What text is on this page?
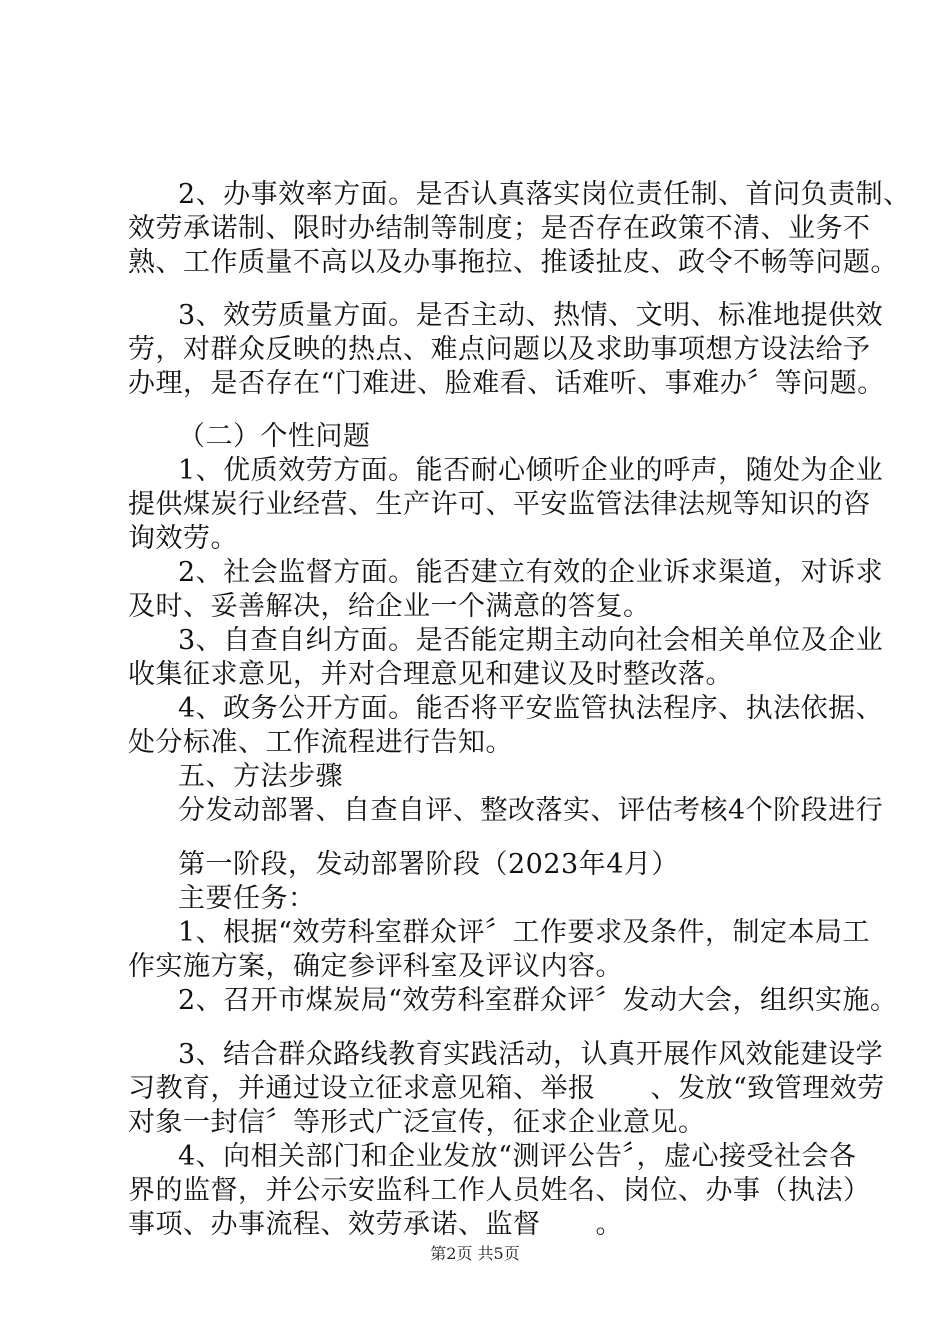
2、办事效率方面。是否认真落实岗位责任制、首问负责制、
效劳承诺制、限时办结制等制度；是否存在政策不清、业务不
熟、工作质量不高以及办事拖拉、推诿扯皮、政令不畅等问题。
3、效劳质量方面。是否主动、热情、文明、标准地提供效
劳，对群众反映的热点、难点问题以及求助事项想方设法给予
办理，是否存在“门难进、脸难看、话难听、事难办〞等问题。
（二）个性问题
1、优质效劳方面。能否耐心倾听企业的呼声，随处为企业
提供煤炭行业经营、生产许可、平安监管法律法规等知识的咨
询效劳。
2、社会监督方面。能否建立有效的企业诉求渠道，对诉求
及时、妥善解决，给企业一个满意的答复。
3、自查自纠方面。是否能定期主动向社会相关单位及企业
收集征求意见，并对合理意见和建议及时整改落。
4、政务公开方面。能否将平安监管执法程序、执法依据、
处分标准、工作流程进行告知。
五、方法步骤
分发动部署、自查自评、整改落实、评估考核4个阶段进行
第一阶段，发动部署阶段（2023年4月）
主要任务：
1、根据“效劳科室群众评〞工作要求及条件，制定本局工
作实施方案，确定参评科室及评议内容。
2、召开市煤炭局“效劳科室群众评〞发动大会，组织实施。
3、结合群众路线教育实践活动，认真开展作风效能建设学
习教育，并通过设立征求意见箱、举报　　、发放“致管理效劳
对象一封信〞等形式广泛宣传，征求企业意见。
4、向相关部门和企业发放“测评公告〞，虚心接受社会各
界的监督，并公示安监科工作人员姓名、岗位、办事（执法）
事项、办事流程、效劳承诺、监督　　。
第2页 共5页
